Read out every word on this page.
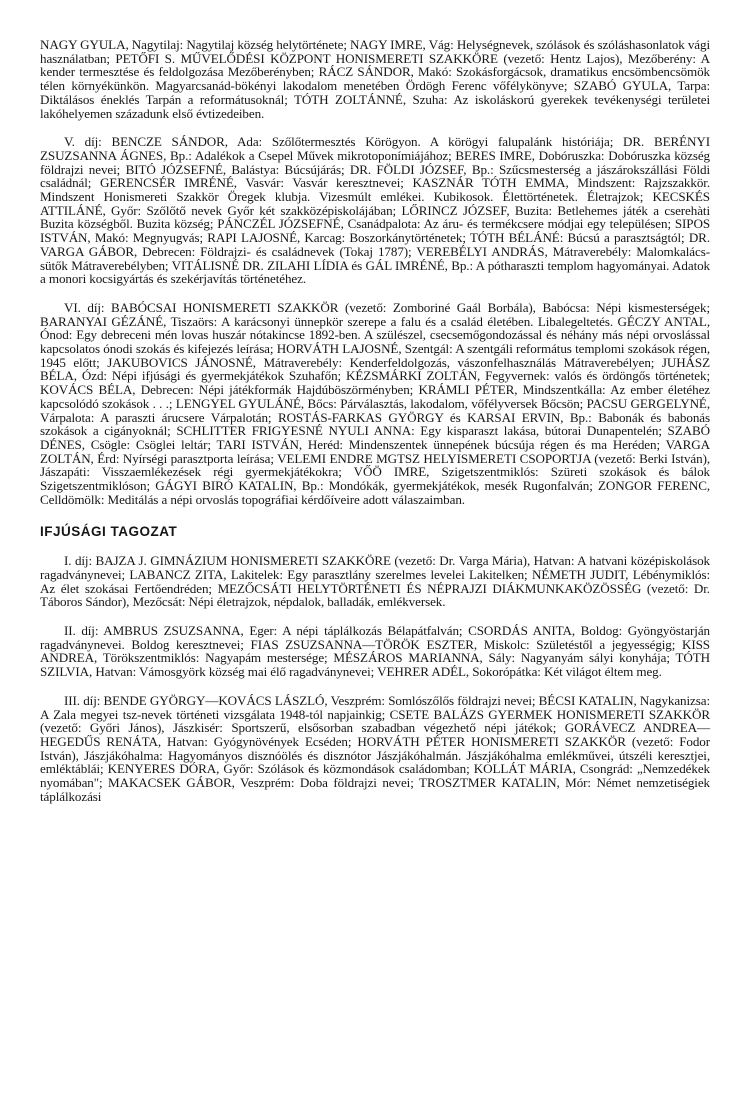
NAGY GYULA, Nagytilaj: Nagytilaj község helytörténete; NAGY IMRE, Vág: Helységnevek, szólások és szóláshasonlatok vági használatban; PETŐFI S. MŰVELŐDÉSI KÖZPONT HONISMERETI SZAKKÖRE (vezető: Hentz Lajos), Mezőberény: A kender termesztése és feldolgozása Mezőberényben; RÁCZ SÁNDOR, Makó: Szokásforgácsok, dramatikus encsömbencsömök télen környékünkön. Magyarcsanád-bökényi lakodalom menetében Ördögh Ferenc vőfélykönyve; SZABÓ GYULA, Tarpa: Diktálásos éneklés Tarpán a reformátusoknál; TÓTH ZOLTÁNNÉ, Szuha: Az iskoláskorú gyerekek tevékenységi területei lakóhelyemen századunk első évtizedeiben.

V. díj: BENCZE SÁNDOR, Ada: Szőlőtermesztés Körögyon. A körögyi falupalánk históriája; DR. BERÉNYI ZSUZSANNA ÁGNES, Bp.: Adalékok a Csepel Művek mikrotoponímiájához; BERES IMRE, Dobóruszka: Dobóruszka község földrajzi nevei; BITÓ JÓZSEFNÉ, Balástya: Búcsújárás; DR. FÖLDI JÓZSEF, Bp.: Szűcsmesterség a jászárokszállási Földi családnál; GERENCSÉR IMRÉNÉ, Vasvár: Vasvár keresztnevei; KASZNÁR TÓTH EMMA, Mindszent: Rajzszakkör. Mindszent Honismereti Szakkör Öregek klubja. Vizesmúlt emlékei. Kubikosok. Élettörténetek. Életrajzok; KECSKÉS ATTILÁNÉ, Győr: Szőlőtő nevek Győr két szakközépiskolájában; LŐRINCZ JÓZSEF, Buzita: Betlehemes játék a cserehàti Buzita községből. Buzita község; PÁNCZÉL JÓZSEFNÉ, Csanádpalota: Az áru- és termékcsere módjai egy településen; SIPOS ISTVÁN, Makó: Megnyugvás; RAPI LAJOSNÉ, Karcag: Boszorkánytörténetek; TÓTH BÉLÁNÉ: Búcsú a parasztságtól; DR. VARGA GÁBOR, Debrecen: Földrajzi- és családnevek (Tokaj 1787); VEREBÉLYI ANDRÁS, Mátraverebély: Malomkalács-sütők Mátraverebélyben; VITÁLISNÉ DR. ZILAHI LÍDIA és GÁL IMRÉNÉ, Bp.: A pótharaszti templom hagyományai. Adatok a monori kocsigyártás és szekérjavítás történetéhez.

VI. díj: BABÓCSAI HONISMERETI SZAKKÖR (vezető: Zomboriné Gaál Borbála), Babócsa: Népi kismesterségek; BARANYAI GÉZÁNÉ, Tiszaörs: A karácsonyi ünnepkör szerepe a falu és a család életében. Libalegeltetés. GÉCZY ANTAL, Ónod: Egy debreceni mén lovas huszár nótakincse 1892-ben. A szülészel, csecsemőgondozással és néhány más népi orvoslással kapcsolatos ónodi szokás és kifejezés leírása; HORVÁTH LAJOSNÉ, Szentgál: A szentgáli református templomi szokások régen, 1945 előtt; JAKUBOVICS JÁNOSNÉ, Mátraverebély: Kenderfeldolgozás, vászonfelhasználás Mátraverebélyen; JUHÁSZ BÉLA, Ózd: Népi ifjúsági és gyermekjátékok Szuhafőn; KÉZSMÁRKI ZOLTÁN, Fegyvernek: valós és ördöngős történetek; KOVÁCS BÉLA, Debrecen: Népi játékformák Hajdúböszörményben; KRÁMLI PÉTER, Mindszentkálla: Az ember életéhez kapcsolódó szokások . . .; LENGYEL GYULÁNÉ, Bőcs: Párválasztás, lakodalom, vőfélyversek Bőcsön; PACSU GERGELYNÉ, Várpalota: A paraszti árucsere Várpalotán; ROSTÁS-FARKAS GYÖRGY és KARSAI ERVIN, Bp.: Babonák és babonás szokások a cigányoknál; SCHLITTER FRIGYESNÉ NYULI ANNA: Egy kisparaszt lakása, bútorai Dunapentelén; SZABÓ DÉNES, Csögle: Csöglei leltár; TARI ISTVÁN, Heréd: Mindenszentek ünnepének búcsúja régen és ma Heréden; VARGA ZOLTÁN, Érd: Nyírségi parasztporta leírása; VELEMI ENDRE MGTSZ HELYISMERETI CSOPORTJA (vezető: Berki István), Jászapáti: Visszaemlékezések régi gyermekjátékokra; VŐÖ IMRE, Szigetszentmiklós: Szüreti szokások és bálok Szigetszentmiklóson; GÁGYI BIRÓ KATALIN, Bp.: Mondókák, gyermekjátékok, mesék Rugonfalván; ZONGOR FERENC, Celldömölk: Meditálás a népi orvoslás topográfiai kérdőíveire adott válaszaimban.

IFJÚSÁGI TAGOZAT

I. díj: BAJZA J. GIMNÁZIUM HONISMERETI SZAKKÖRE (vezető: Dr. Varga Mária), Hatvan: A hatvani középiskolások ragadványnevei; LABANCZ ZITA, Lakitelek: Egy parasztlány szerelmes levelei Lakitelken; NÉMETH JUDIT, Lébénymiklós: Az élet szokásai Fertőendréden; MEZŐCSÁTI HELYTÖRTÉNETI ÉS NÉPRAJZI DIÁKMUNKAKÖZÖSSÉG (vezető: Dr. Táboros Sándor), Mezőcsát: Népi életrajzok, népdalok, balladák, emlékversek.

II. díj: AMBRUS ZSUZSANNA, Eger: A népi táplálkozás Bélapátfalván; CSORDÁS ANITA, Boldog: Gyöngyöstarján ragadványnevei. Boldog keresztnevei; FIAS ZSUZSANNA—TÖRÖK ESZTER, Miskolc: Születéstől a jegyességig; KISS ANDREA, Törökszentmiklós: Nagyapám mestersége; MÉSZÁROS MARIANNA, Sály: Nagyanyám sályi konyhája; TÓTH SZILVIA, Hatvan: Vámosgyörk község mai élő ragadványnevei; VEHRER ADÉL, Sokorópátka: Két világot éltem meg.

III. díj: BENDE GYÖRGY—KOVÁCS LÁSZLÓ, Veszprém: Somlószőlős földrajzi nevei; BÉCSI KATALIN, Nagykanizsa: A Zala megyei tsz-nevek történeti vizsgálata 1948-tól napjainkig; CSETE BALÁZS GYERMEK HONISMERETI SZAKKÖR (vezető: Győri János), Jászkisér: Sportszerű, elsősorban szabadban végezhető népi játékok; GORÁVECZ ANDREA—HEGEDŰS RENÁTA, Hatvan: Gyógynövények Ecséden; HORVÁTH PÉTER HONISMERETI SZAKKÖR (vezető: Fodor István), Jászjákóhalma: Hagyományos disznóölés és disznótor Jászjákóhalmán. Jászjákóhalma emlékművei, útszéli keresztjei, emléktáblái; KENYERES DÓRA, Győr: Szólások és közmondások családomban; KOLLÁT MÁRIA, Csongrád: „Nemzedékek nyomában"; MAKACSEK GÁBOR, Veszprém: Doba földrajzi nevei; TROSZTMER KATALIN, Mór: Német nemzetiségiek táplálkozási
